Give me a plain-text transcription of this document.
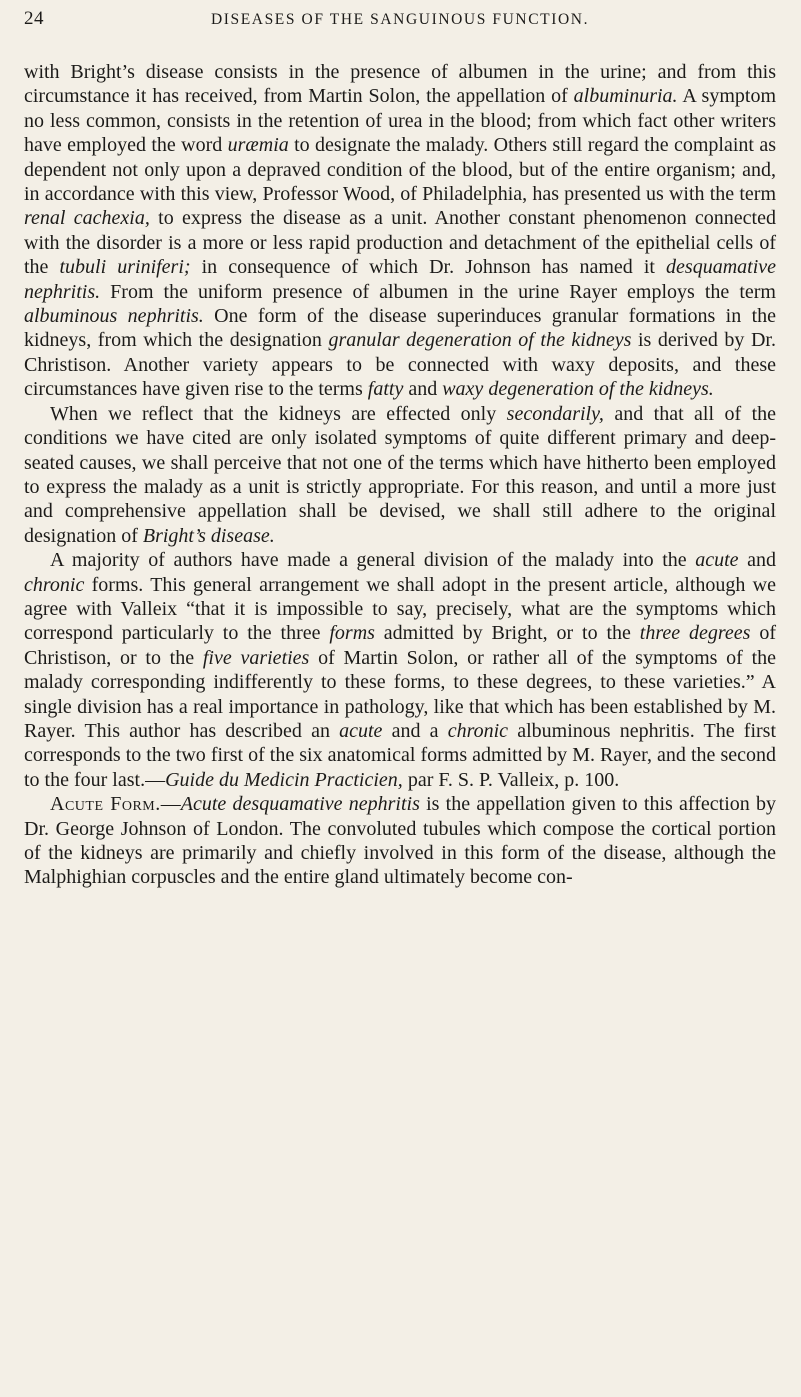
24	DISEASES OF THE SANGUINOUS FUNCTION.

with Bright’s disease consists in the presence of albumen in the urine; and from this circumstance it has received, from Martin Solon, the appellation of albuminuria. A symptom no less common, consists in the retention of urea in the blood; from which fact other writers have employed the word uræmia to designate the malady. Others still regard the complaint as dependent not only upon a depraved condition of the blood, but of the entire organism; and, in accordance with this view, Professor Wood, of Philadelphia, has presented us with the term renal cachexia, to express the disease as a unit. Another constant phenomenon connected with the disorder is a more or less rapid production and detachment of the epithelial cells of the tubuli uriniferi; in consequence of which Dr. Johnson has named it desquamative nephritis. From the uniform presence of albumen in the urine Rayer employs the term albuminous nephritis. One form of the disease superinduces granular formations in the kidneys, from which the designation granular degeneration of the kidneys is derived by Dr. Christison. Another variety appears to be connected with waxy deposits, and these circumstances have given rise to the terms fatty and waxy degeneration of the kidneys.

When we reflect that the kidneys are effected only secondarily, and that all of the conditions we have cited are only isolated symptoms of quite different primary and deep-seated causes, we shall perceive that not one of the terms which have hitherto been employed to express the malady as a unit is strictly appropriate. For this reason, and until a more just and comprehensive appellation shall be devised, we shall still adhere to the original designation of Bright’s disease.

A majority of authors have made a general division of the malady into the acute and chronic forms. This general arrangement we shall adopt in the present article, although we agree with Valleix “that it is impossible to say, precisely, what are the symptoms which correspond particularly to the three forms admitted by Bright, or to the three degrees of Christison, or to the five varieties of Martin Solon, or rather all of the symptoms of the malady corresponding indifferently to these forms, to these degrees, to these varieties.” A single division has a real importance in pathology, like that which has been established by M. Rayer. This author has described an acute and a chronic albuminous nephritis. The first corresponds to the two first of the six anatomical forms admitted by M. Rayer, and the second to the four last.—Guide du Medicin Practicien, par F. S. P. Valleix, p. 100.

Acute Form.—Acute desquamative nephritis is the appellation given to this affection by Dr. George Johnson of London. The convoluted tubules which compose the cortical portion of the kidneys are primarily and chiefly involved in this form of the disease, although the Malphighian corpuscles and the entire gland ultimately become con-
